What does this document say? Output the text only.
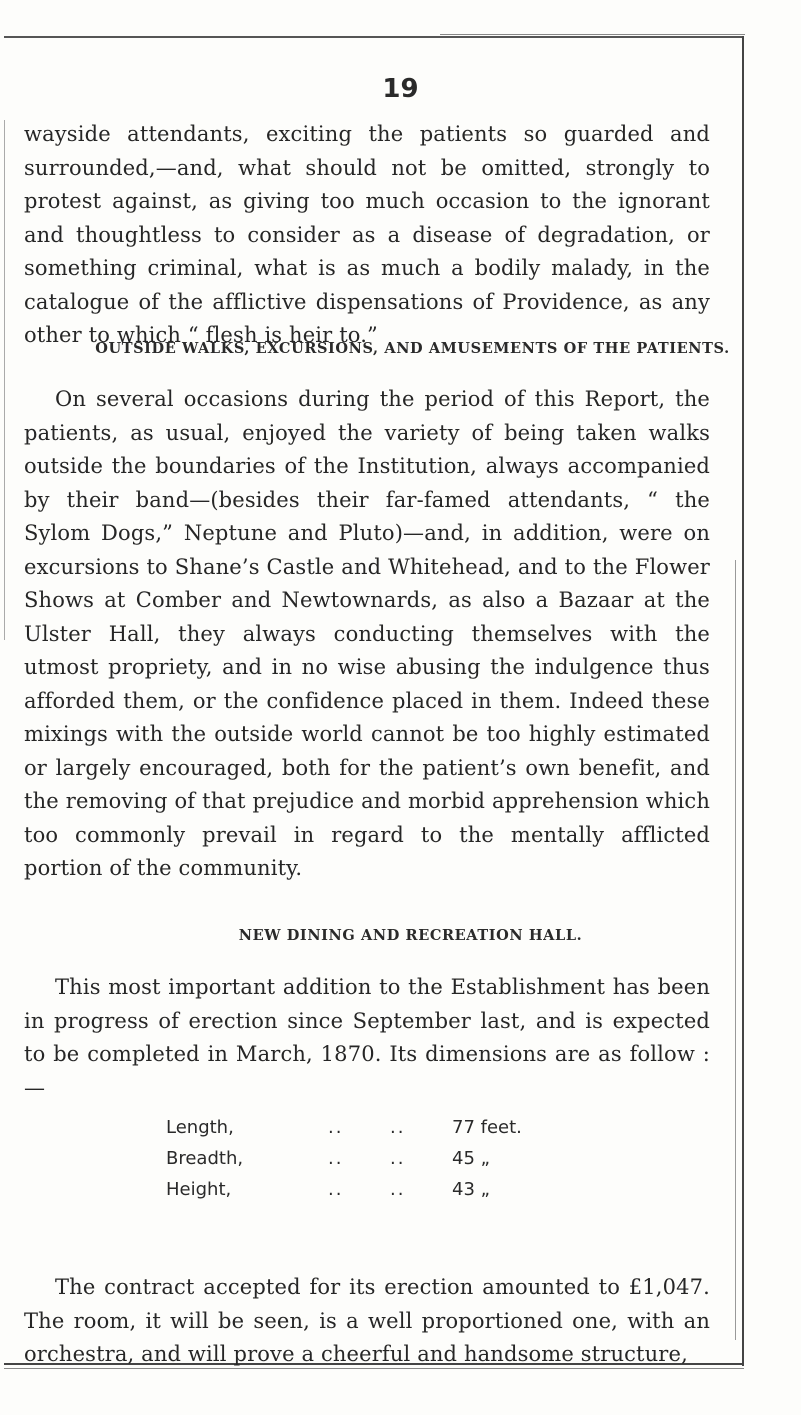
19

wayside attendants, exciting the patients so guarded and surrounded,—and, what should not be omitted, strongly to protest against, as giving too much occasion to the ignorant and thoughtless to consider as a disease of degradation, or something criminal, what is as much a bodily malady, in the catalogue of the afflictive dispensations of Providence, as any other to which “ flesh is heir to.”

OUTSIDE WALKS, EXCURSIONS, AND AMUSEMENTS OF THE PATIENTS.

On several occasions during the period of this Report, the patients, as usual, enjoyed the variety of being taken walks outside the boundaries of the Institution, always accompanied by their band—(besides their far-famed attendants, “ the Sylom Dogs,” Neptune and Pluto)—and, in addition, were on excursions to Shane’s Castle and Whitehead, and to the Flower Shows at Comber and Newtownards, as also a Bazaar at the Ulster Hall, they always conducting themselves with the utmost propriety, and in no wise abusing the indulgence thus afforded them, or the confidence placed in them. Indeed these mixings with the outside world cannot be too highly estimated or largely encouraged, both for the patient’s own benefit, and the removing of that prejudice and morbid apprehension which too commonly prevail in regard to the mentally afflicted portion of the community.

NEW DINING AND RECREATION HALL.

This most important addition to the Establishment has been in progress of erection since September last, and is expected to be completed in March, 1870. Its dimensions are as follow :—

Length,	..	..	77 feet.
Breadth,	..	..	45 „
Height,	..	..	43 „

The contract accepted for its erection amounted to £1,047. The room, it will be seen, is a well proportioned one, with an orchestra, and will prove a cheerful and handsome structure,
